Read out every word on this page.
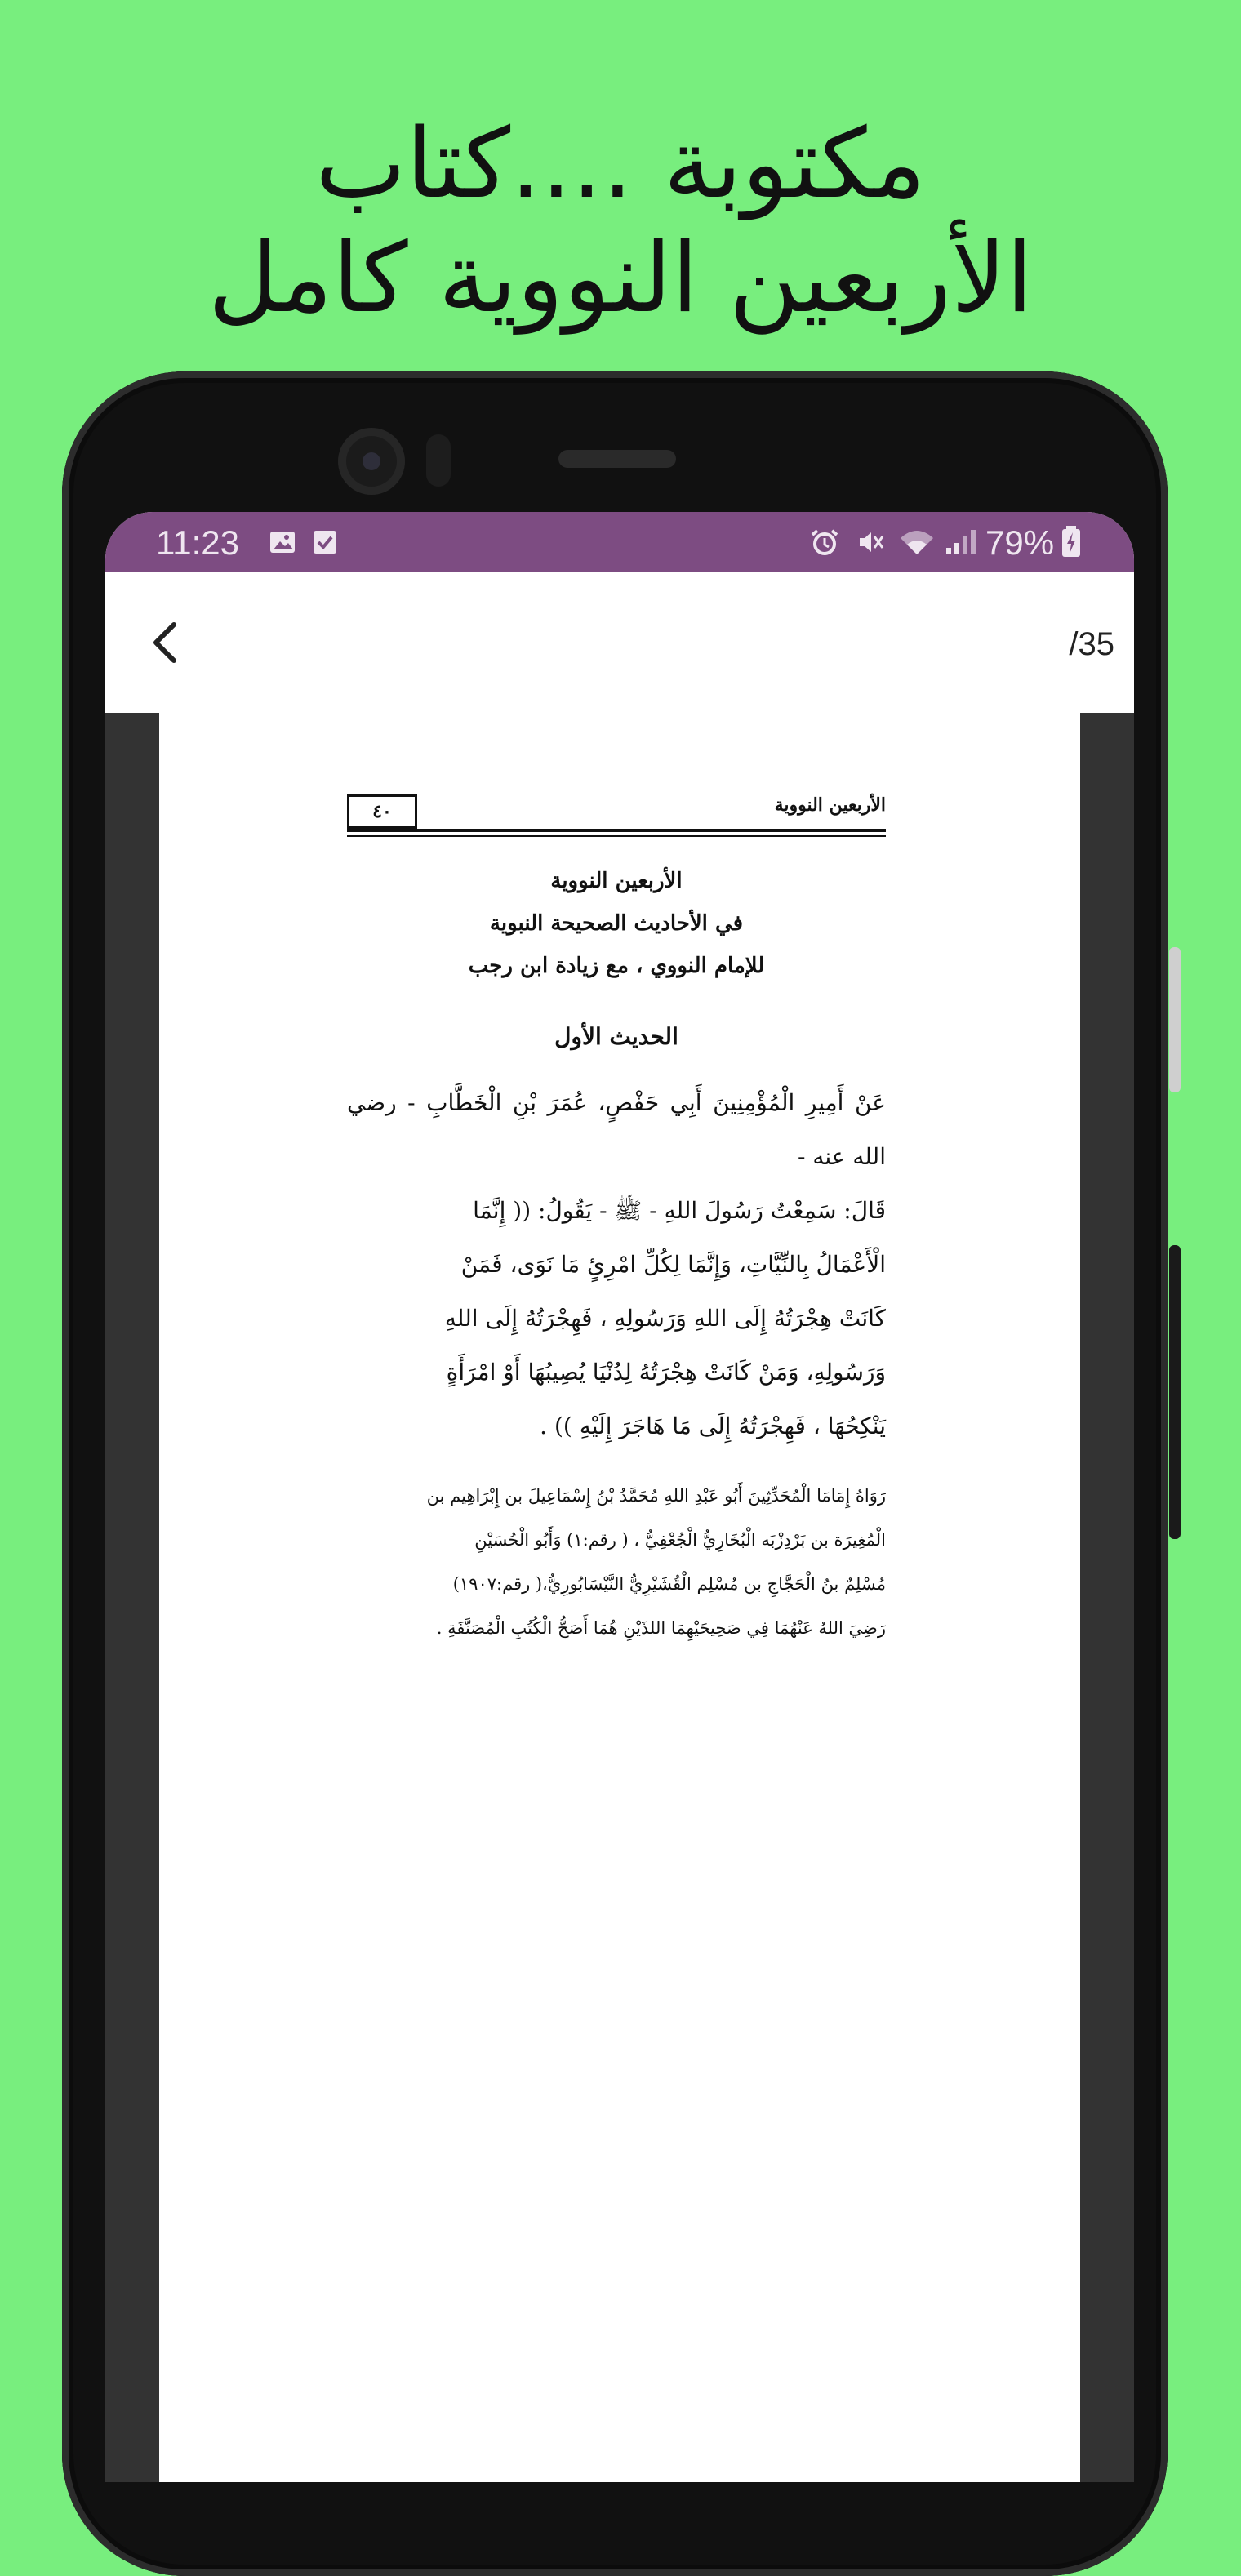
مكتوبة ....كتاب
الأربعين النووية كامل
11:23	79%
/35
الأربعين النووية
٤٠
الأربعين النووية
في الأحاديث الصحيحة النبوية
للإمام النووي ، مع زيادة ابن رجب
الحديث الأول
عَنْ أَمِيرِ الْمُؤْمِنِينَ أَبِي حَفْصٍ، عُمَرَ بْنِ الْخَطَّابِ - رضي الله عنه -
قَالَ: سَمِعْتُ رَسُولَ اللهِ - ﷺ - يَقُولُ: (( إِنَّمَا
الْأَعْمَالُ بِالنِّيَّاتِ، وَإِنَّمَا لِكُلِّ امْرِئٍ مَا نَوَى، فَمَنْ
كَانَتْ هِجْرَتُهُ إِلَى اللهِ وَرَسُولِهِ ، فَهِجْرَتُهُ إِلَى اللهِ
وَرَسُولِهِ، وَمَنْ كَانَتْ هِجْرَتُهُ لِدُنْيَا يُصِيبُهَا أَوْ امْرَأَةٍ
يَنْكِحُهَا ، فَهِجْرَتُهُ إِلَى مَا هَاجَرَ إِلَيْهِ )) .
رَوَاهُ إِمَامَا الْمُحَدِّثِينَ أَبُو عَبْدِ اللهِ مُحَمَّدُ بْنُ إِسْمَاعِيلَ بن إِبْرَاهِيم بن
الْمُغِيرَة بن بَرْدِزْبَه الْبُخَارِيُّ الْجُعْفِيُّ ، ( رقم:١) وَأَبُو الْحُسَيْنِ
مُسْلِمٌ بنُ الْحَجَّاجِ بن مُسْلِم الْقُشَيْرِيُّ النَّيْسَابُورِيُّ،( رقم:١٩٠٧)
رَضِيَ اللهُ عَنْهُمَا فِي صَحِيحَيْهِمَا اللذَيْنِ هُمَا أَصَحُّ الْكُتُبِ الْمُصَنَّفَةِ .
